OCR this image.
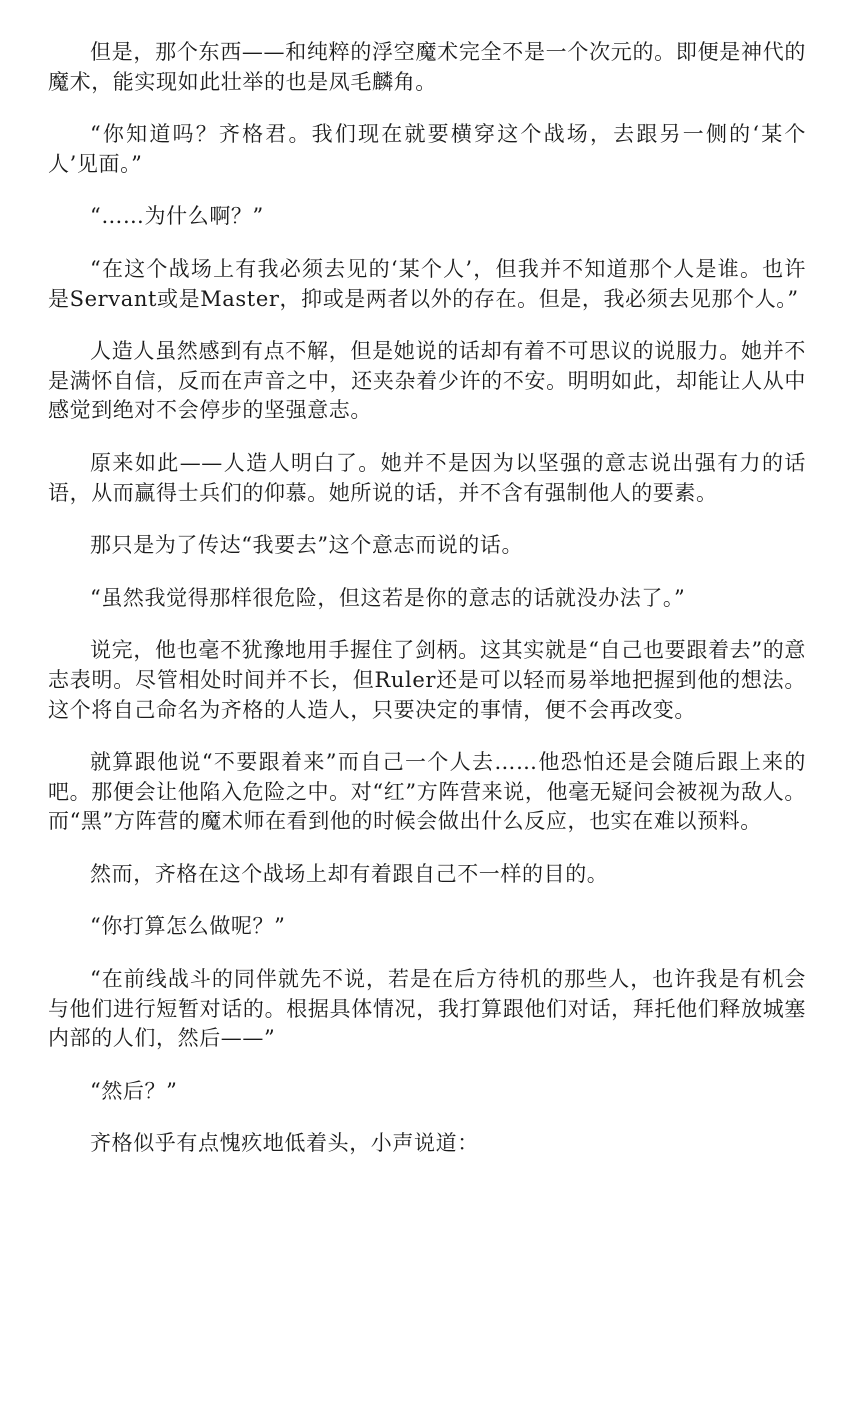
但是，那个东西——和纯粹的浮空魔术完全不是一个次元的。即便是神代的魔术，能实现如此壮举的也是凤毛麟角。

“你知道吗？齐格君。我们现在就要横穿这个战场，去跟另一侧的‘某个人’见面。”

“……为什么啊？”

“在这个战场上有我必须去见的‘某个人’，但我并不知道那个人是谁。也许是Servant或是Master，抑或是两者以外的存在。但是，我必须去见那个人。”

人造人虽然感到有点不解，但是她说的话却有着不可思议的说服力。她并不是满怀自信，反而在声音之中，还夹杂着少许的不安。明明如此，却能让人从中感觉到绝对不会停步的坚强意志。

原来如此——人造人明白了。她并不是因为以坚强的意志说出强有力的话语，从而赢得士兵们的仰慕。她所说的话，并不含有强制他人的要素。

那只是为了传达“我要去”这个意志而说的话。

“虽然我觉得那样很危险，但这若是你的意志的话就没办法了。”

说完，他也毫不犹豫地用手握住了剑柄。这其实就是“自己也要跟着去”的意志表明。尽管相处时间并不长，但Ruler还是可以轻而易举地把握到他的想法。这个将自己命名为齐格的人造人，只要决定的事情，便不会再改变。

就算跟他说“不要跟着来”而自己一个人去……他恐怕还是会随后跟上来的吧。那便会让他陷入危险之中。对“红”方阵营来说，他毫无疑问会被视为敌人。而“黑”方阵营的魔术师在看到他的时候会做出什么反应，也实在难以预料。

然而，齐格在这个战场上却有着跟自己不一样的目的。

“你打算怎么做呢？”

“在前线战斗的同伴就先不说，若是在后方待机的那些人，也许我是有机会与他们进行短暂对话的。根据具体情况，我打算跟他们对话，拜托他们释放城塞内部的人们，然后——”

“然后？”

齐格似乎有点愧疚地低着头，小声说道：
